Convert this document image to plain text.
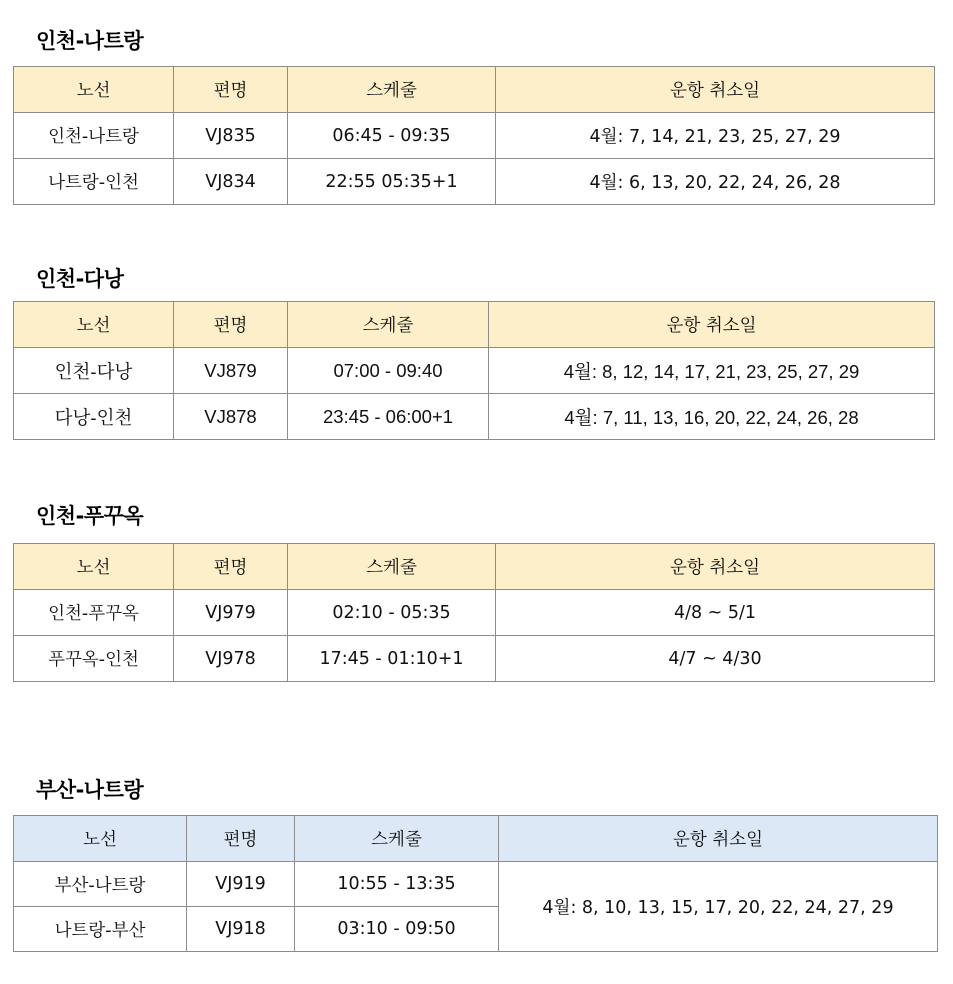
인천-나트랑
노선	편명	스케줄	운항 취소일
인천-나트랑	VJ835	06:45 - 09:35	4월: 7, 14, 21, 23, 25, 27, 29
나트랑-인천	VJ834	22:55 05:35+1	4월: 6, 13, 20, 22, 24, 26, 28
인천-다낭
노선	편명	스케줄	운항 취소일
인천-다낭	VJ879	07:00 - 09:40	4월: 8, 12, 14, 17, 21, 23, 25, 27, 29
다낭-인천	VJ878	23:45 - 06:00+1	4월: 7, 11, 13, 16, 20, 22, 24, 26, 28
인천-푸꾸옥
노선	편명	스케줄	운항 취소일
인천-푸꾸옥	VJ979	02:10 - 05:35	4/8 ~ 5/1
푸꾸옥-인천	VJ978	17:45 - 01:10+1	4/7 ~ 4/30
부산-나트랑
노선	편명	스케줄	운항 취소일
부산-나트랑	VJ919	10:55 - 13:35	4월: 8, 10, 13, 15, 17, 20, 22, 24, 27, 29
나트랑-부산	VJ918	03:10 - 09:50	
